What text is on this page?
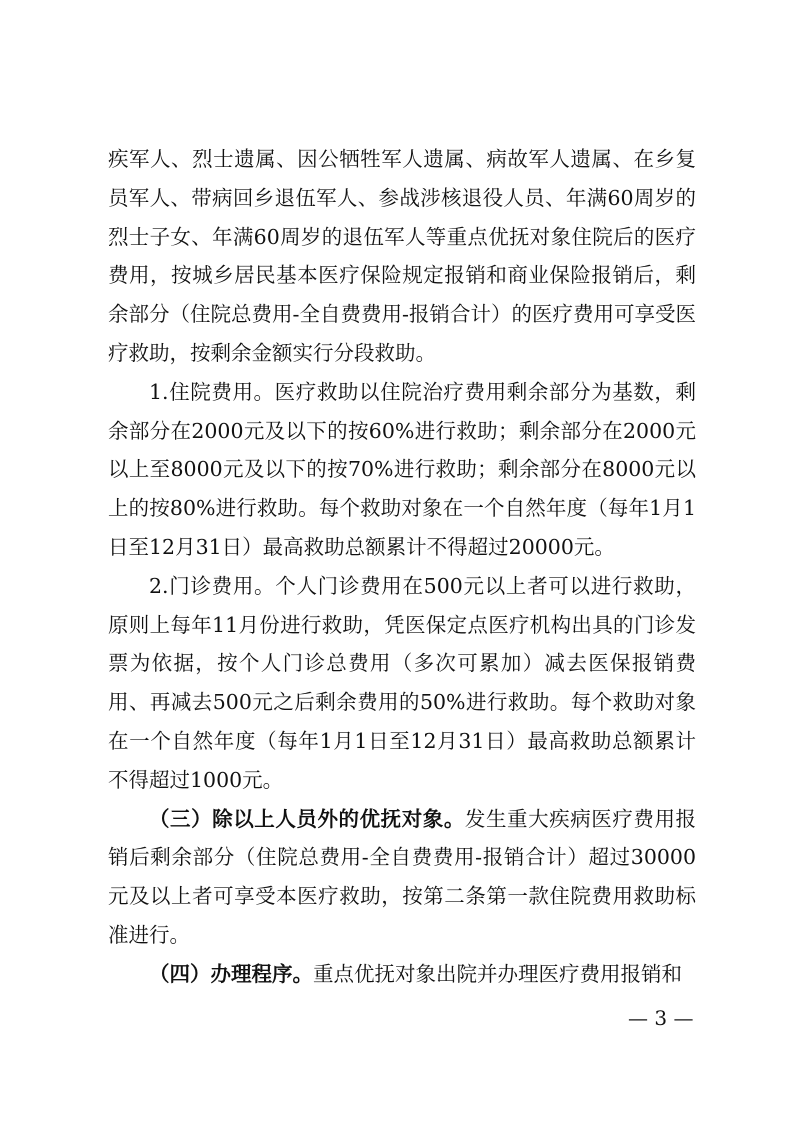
疾军人、烈士遗属、因公牺牲军人遗属、病故军人遗属、在乡复员军人、带病回乡退伍军人、参战涉核退役人员、年满60周岁的烈士子女、年满60周岁的退伍军人等重点优抚对象住院后的医疗费用，按城乡居民基本医疗保险规定报销和商业保险报销后，剩余部分（住院总费用-全自费费用-报销合计）的医疗费用可享受医疗救助，按剩余金额实行分段救助。

1.住院费用。医疗救助以住院治疗费用剩余部分为基数，剩余部分在2000元及以下的按60%进行救助；剩余部分在2000元以上至8000元及以下的按70%进行救助；剩余部分在8000元以上的按80%进行救助。每个救助对象在一个自然年度（每年1月1日至12月31日）最高救助总额累计不得超过20000元。

2.门诊费用。个人门诊费用在500元以上者可以进行救助，原则上每年11月份进行救助，凭医保定点医疗机构出具的门诊发票为依据，按个人门诊总费用（多次可累加）减去医保报销费用、再减去500元之后剩余费用的50%进行救助。每个救助对象在一个自然年度（每年1月1日至12月31日）最高救助总额累计不得超过1000元。

（三）除以上人员外的优抚对象。发生重大疾病医疗费用报销后剩余部分（住院总费用-全自费费用-报销合计）超过30000元及以上者可享受本医疗救助，按第二条第一款住院费用救助标准进行。

（四）办理程序。重点优抚对象出院并办理医疗费用报销和

— 3 —
